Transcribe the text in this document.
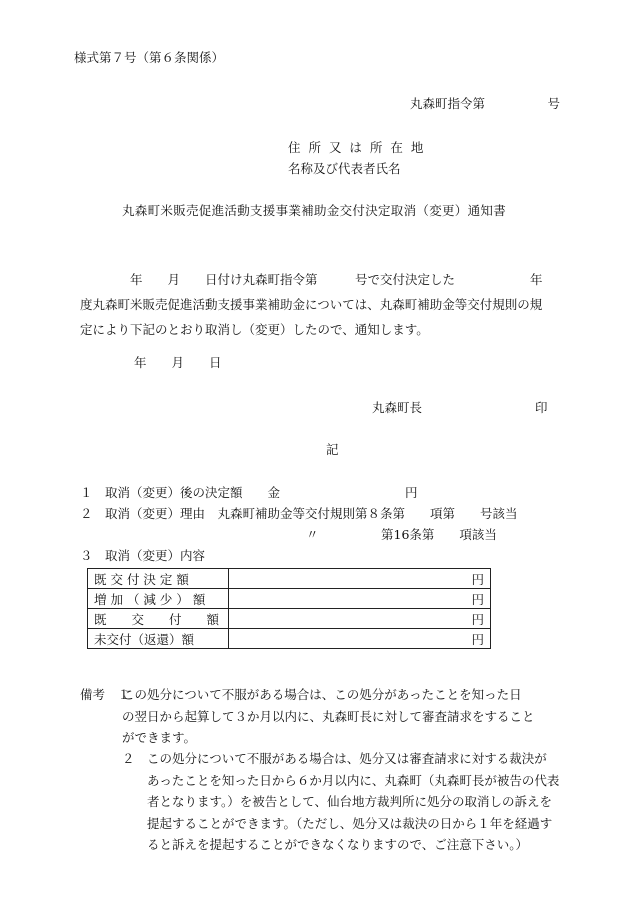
様式第７号（第６条関係）
丸森町指令第　　　　　号
住 所 又 は 所 在 地
名称及び代表者氏名
丸森町米販売促進活動支援事業補助金交付決定取消（変更）通知書
年　　月　　日付け丸森町指令第　　　号で交付決定した　　　　　　年
度丸森町米販売促進活動支援事業補助金については、丸森町補助金等交付規則の規
定により下記のとおり取消し（変更）したので、通知します。
年　　月　　日
丸森町長	印
記
１　取消（変更）後の決定額　　金　　　　　　　　　　円
２　取消（変更）理由　丸森町補助金等交付規則第８条第　　項第　　号該当
〃　　　　　第16条第　　項該当
３　取消（変更）内容
既 交 付 決 定 額	円
増 加 （ 減 少 ） 額	円
既　　交　　付　　額	円
未交付（返還）額	円
備考　１
この処分について不服がある場合は、この処分があったことを知った日
の翌日から起算して３か月以内に、丸森町長に対して審査請求をすること
ができます。
２　この処分について不服がある場合は、処分又は審査請求に対する裁決が
　　あったことを知った日から６か月以内に、丸森町（丸森町長が被告の代表
　　者となります。）を被告として、仙台地方裁判所に処分の取消しの訴えを
　　提起することができます。（ただし、処分又は裁決の日から１年を経過す
　　ると訴えを提起することができなくなりますので、ご注意下さい。）
